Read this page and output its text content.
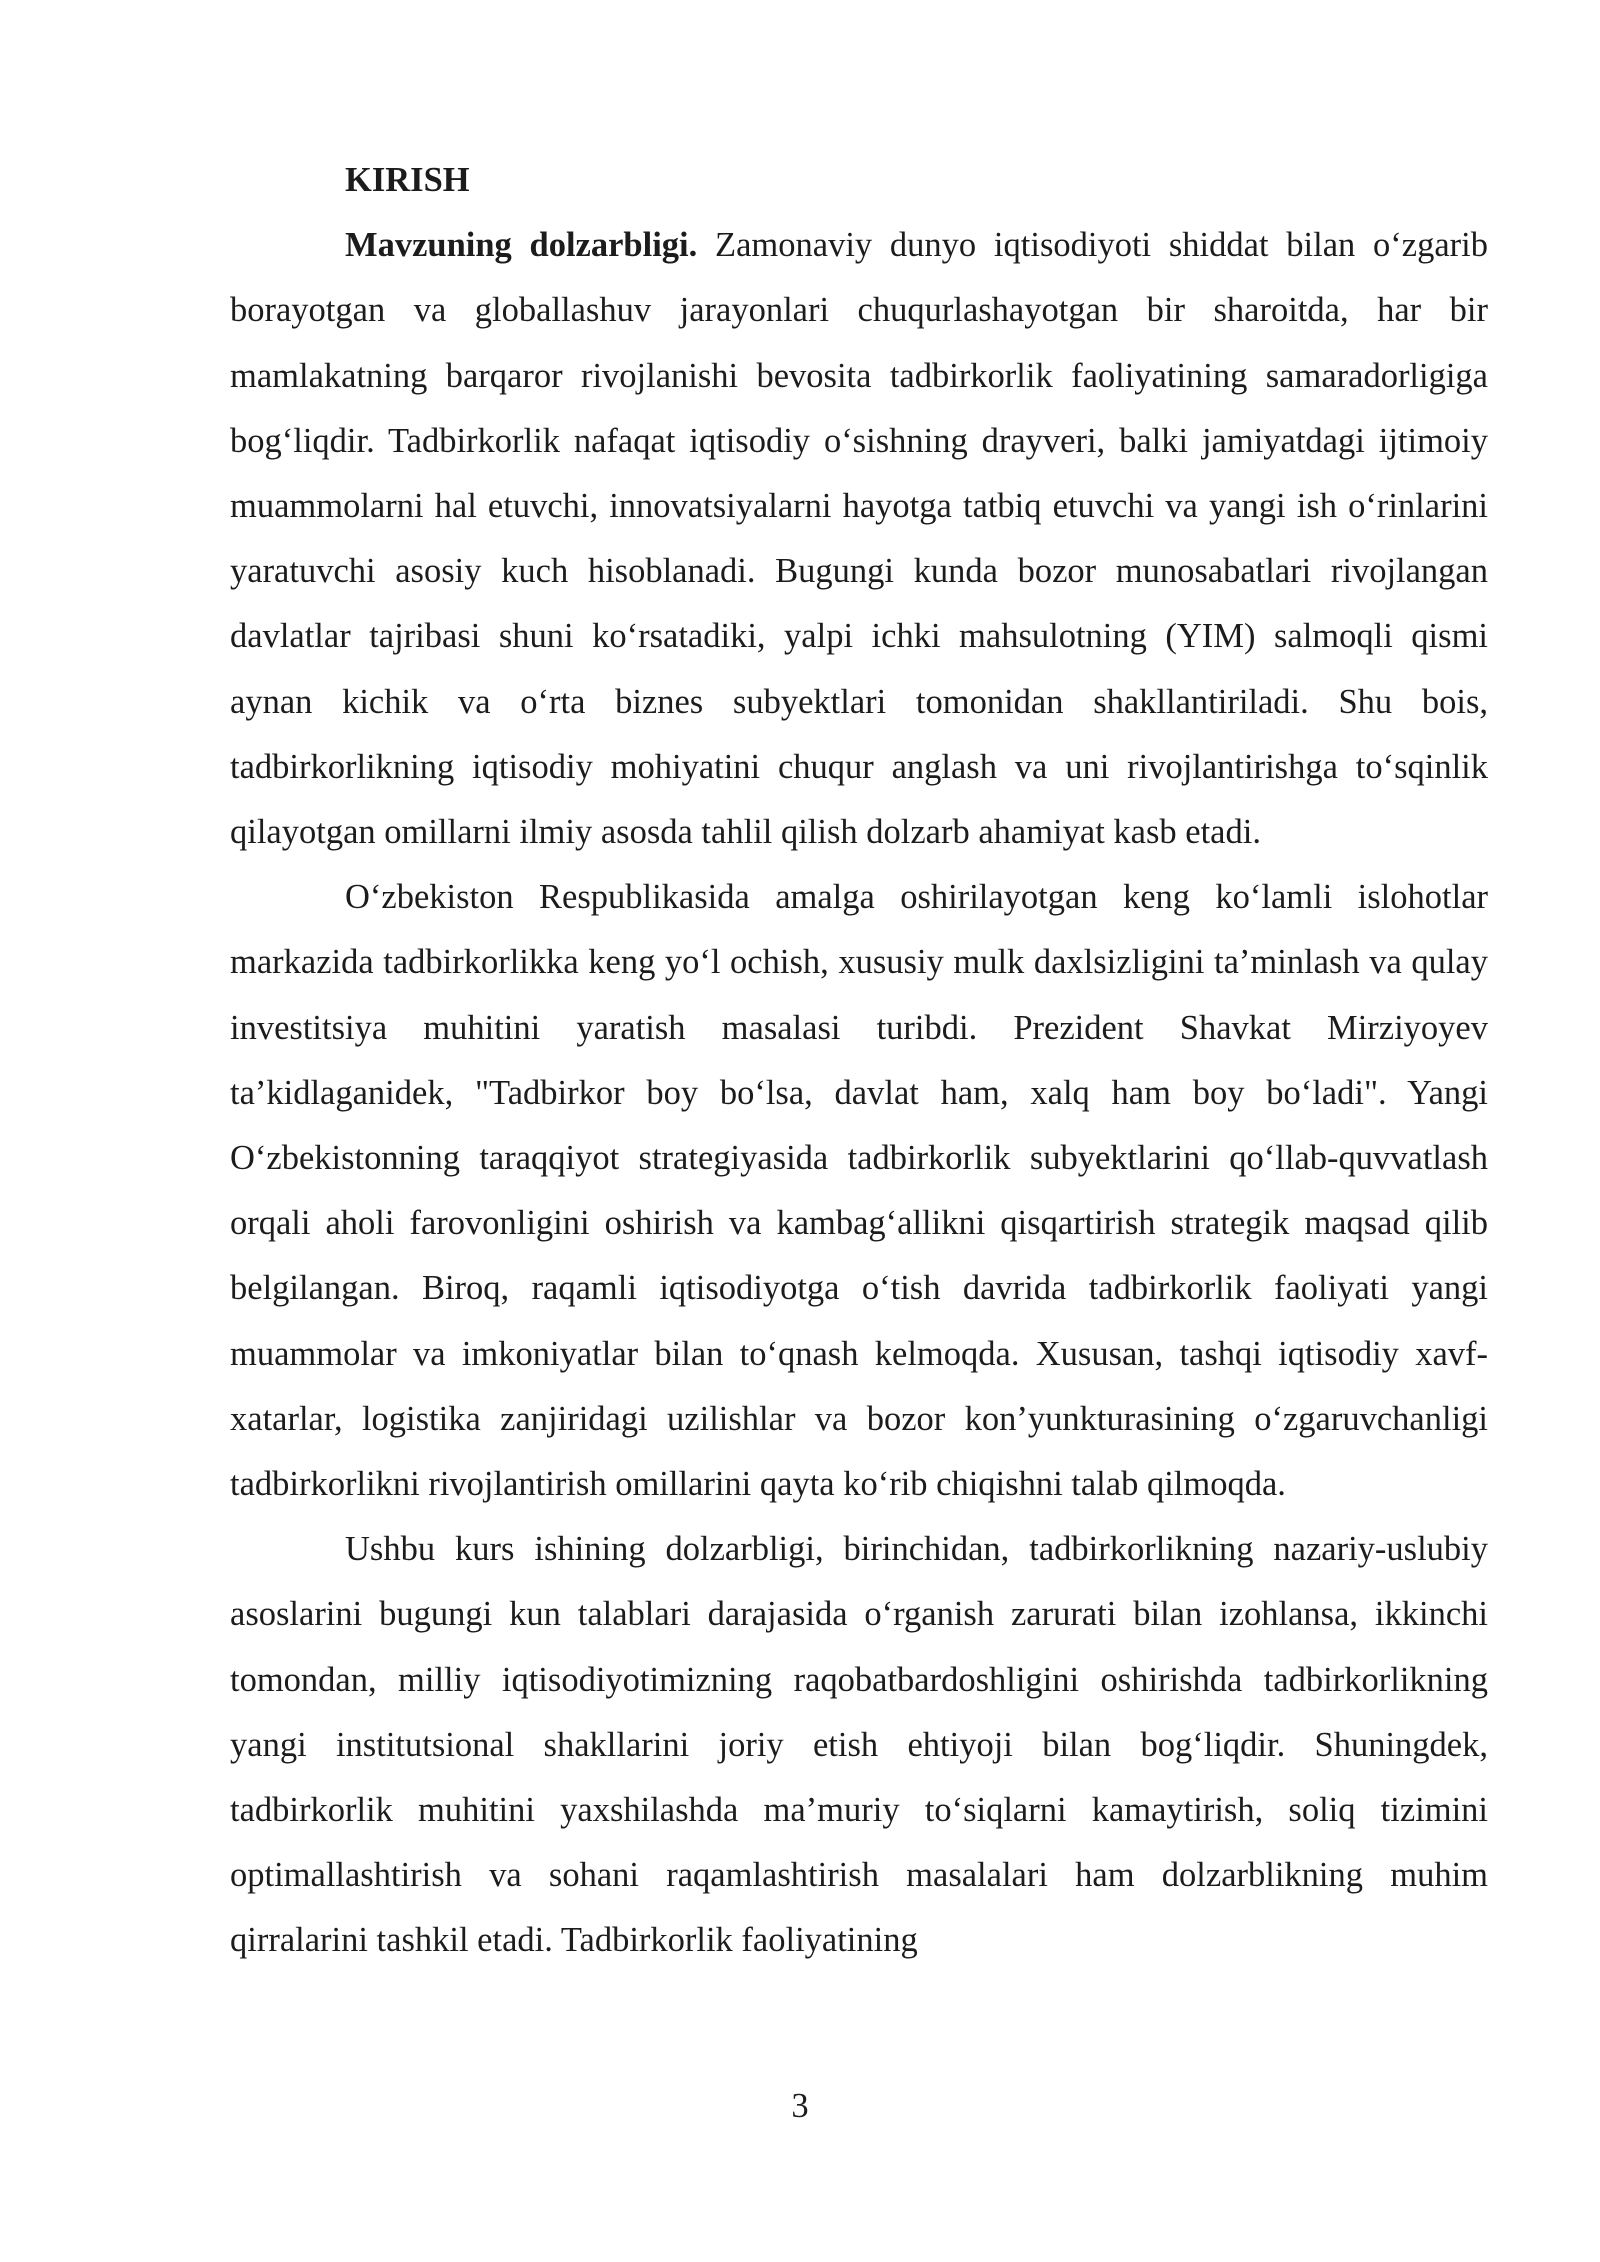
KIRISH

Mavzuning dolzarbligi. Zamonaviy dunyo iqtisodiyoti shiddat bilan o‘zgarib borayotgan va globallashuv jarayonlari chuqurlashayotgan bir sharoitda, har bir mamlakatning barqaror rivojlanishi bevosita tadbirkorlik faoliyatining samaradorligiga bog‘liqdir. Tadbirkorlik nafaqat iqtisodiy o‘sishning drayveri, balki jamiyatdagi ijtimoiy muammolarni hal etuvchi, innovatsiyalarni hayotga tatbiq etuvchi va yangi ish o‘rinlarini yaratuvchi asosiy kuch hisoblanadi. Bugungi kunda bozor munosabatlari rivojlangan davlatlar tajribasi shuni ko‘rsatadiki, yalpi ichki mahsulotning (YIM) salmoqli qismi aynan kichik va o‘rta biznes subyektlari tomonidan shakllantiriladi. Shu bois, tadbirkorlikning iqtisodiy mohiyatini chuqur anglash va uni rivojlantirishga to‘sqinlik qilayotgan omillarni ilmiy asosda tahlil qilish dolzarb ahamiyat kasb etadi.

O‘zbekiston Respublikasida amalga oshirilayotgan keng ko‘lamli islohotlar markazida tadbirkorlikka keng yo‘l ochish, xususiy mulk daxlsizligini ta’minlash va qulay investitsiya muhitini yaratish masalasi turibdi. Prezident Shavkat Mirziyoyev ta’kidlaganidek, "Tadbirkor boy bo‘lsa, davlat ham, xalq ham boy bo‘ladi". Yangi O‘zbekistonning taraqqiyot strategiyasida tadbirkorlik subyektlarini qo‘llab-quvvatlash orqali aholi farovonligini oshirish va kambag‘allikni qisqartirish strategik maqsad qilib belgilangan. Biroq, raqamli iqtisodiyotga o‘tish davrida tadbirkorlik faoliyati yangi muammolar va imkoniyatlar bilan to‘qnash kelmoqda. Xususan, tashqi iqtisodiy xavf-xatarlar, logistika zanjiridagi uzilishlar va bozor kon’yunkturasining o‘zgaruvchanligi tadbirkorlikni rivojlantirish omillarini qayta ko‘rib chiqishni talab qilmoqda.

Ushbu kurs ishining dolzarbligi, birinchidan, tadbirkorlikning nazariy-uslubiy asoslarini bugungi kun talablari darajasida o‘rganish zarurati bilan izohlansa, ikkinchi tomondan, milliy iqtisodiyotimizning raqobatbardoshligini oshirishda tadbirkorlikning yangi institutsional shakllarini joriy etish ehtiyoji bilan bog‘liqdir. Shuningdek, tadbirkorlik muhitini yaxshilashda ma’muriy to‘siqlarni kamaytirish, soliq tizimini optimallashtirish va sohani raqamlashtirish masalalari ham dolzarblikning muhim qirralarini tashkil etadi. Tadbirkorlik faoliyatining

3
